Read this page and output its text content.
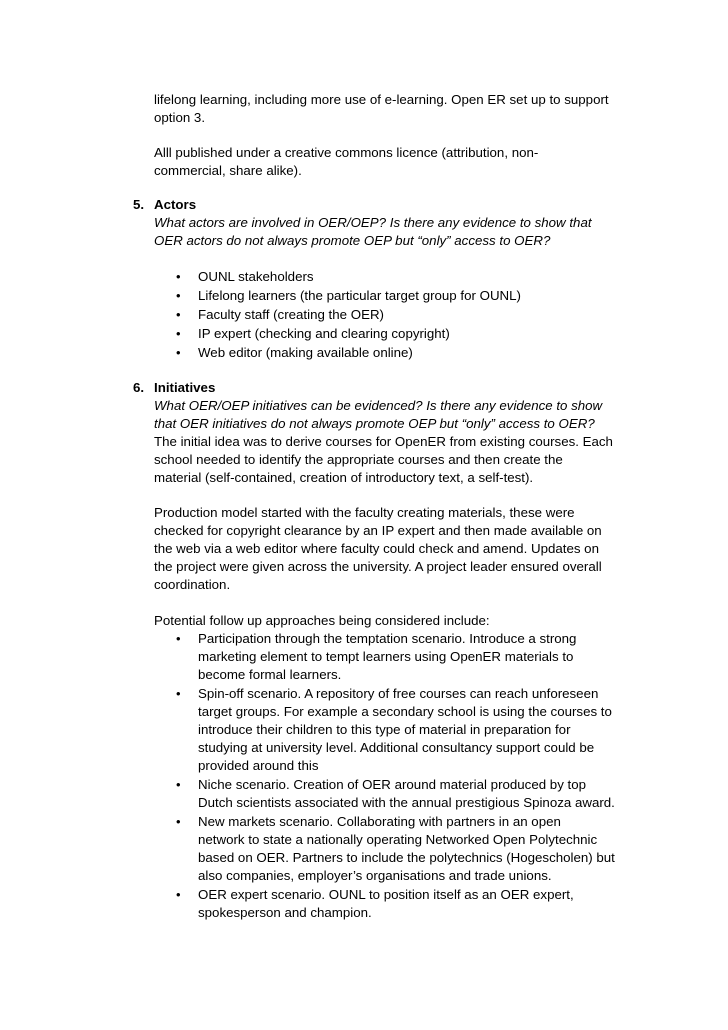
lifelong learning, including more use of e-learning. Open ER set up to support
option 3.
Alll published under a creative commons licence (attribution, non-
commercial, share alike).
5. Actors
What actors are involved in OER/OEP? Is there any evidence to show that
OER actors do not always promote OEP but “only” access to OER?
• OUNL stakeholders
• Lifelong learners (the particular target group for OUNL)
• Faculty staff (creating the OER)
• IP expert (checking and clearing copyright)
• Web editor (making available online)
6. Initiatives
What OER/OEP initiatives can be evidenced? Is there any evidence to show
that OER initiatives do not always promote OEP but “only” access to OER?
The initial idea was to derive courses for OpenER from existing courses. Each
school needed to identify the appropriate courses and then create the
material (self-contained, creation of introductory text, a self-test).
Production model started with the faculty creating materials, these were
checked for copyright clearance by an IP expert and then made available on
the web via a web editor where faculty could check and amend. Updates on
the project were given across the university. A project leader ensured overall
coordination.
Potential follow up approaches being considered include:
• Participation through the temptation scenario. Introduce a strong
marketing element to tempt learners using OpenER materials to
become formal learners.
• Spin-off scenario. A repository of free courses can reach unforeseen
target groups. For example a secondary school is using the courses to
introduce their children to this type of material in preparation for
studying at university level. Additional consultancy support could be
provided around this
• Niche scenario. Creation of OER around material produced by top
Dutch scientists associated with the annual prestigious Spinoza award.
• New markets scenario. Collaborating with partners in an open
network to state a nationally operating Networked Open Polytechnic
based on OER. Partners to include the polytechnics (Hogescholen) but
also companies, employer’s organisations and trade unions.
• OER expert scenario. OUNL to position itself as an OER expert,
spokesperson and champion.
